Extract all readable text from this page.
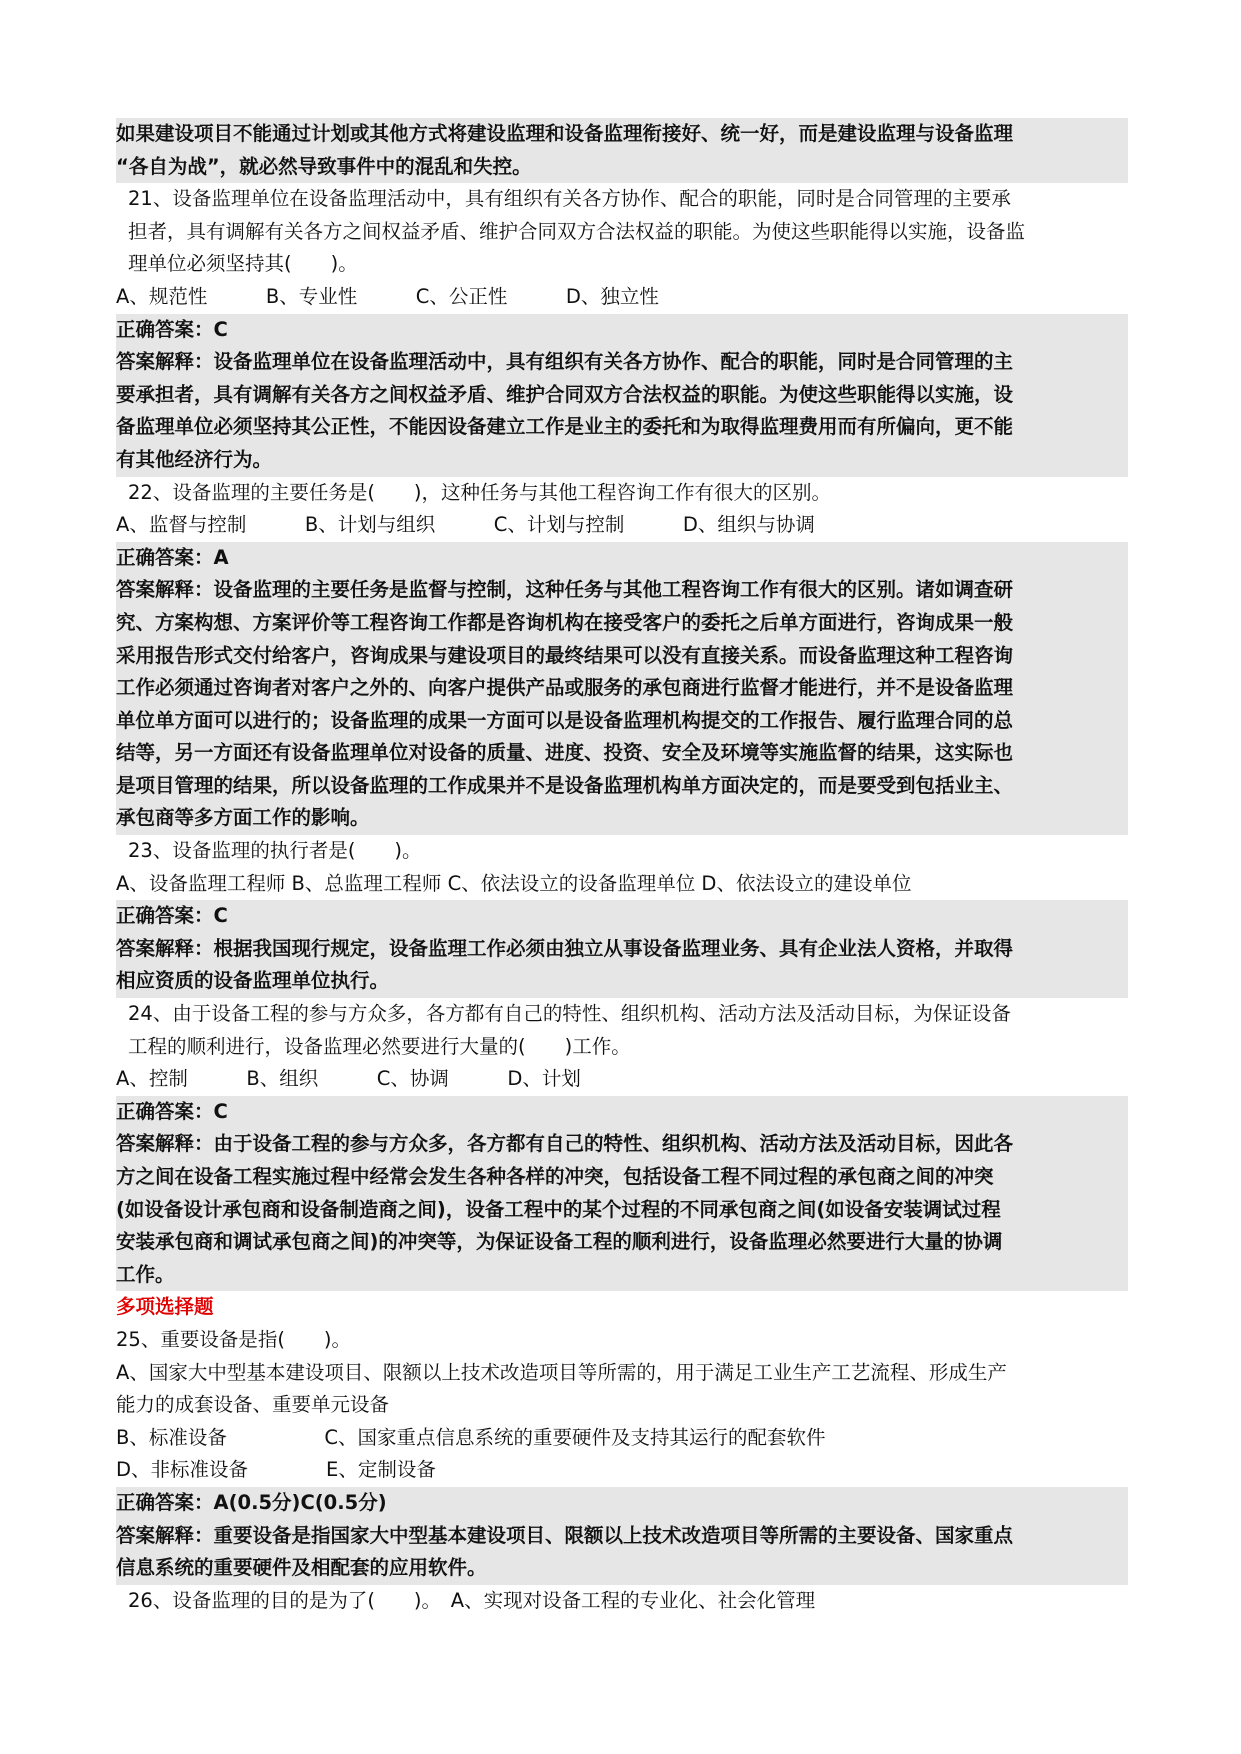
如果建设项目不能通过计划或其他方式将建设监理和设备监理衔接好、统一好，而是建设监理与设备监理
“各自为战”，就必然导致事件中的混乱和失控。
21、设备监理单位在设备监理活动中，具有组织有关各方协作、配合的职能，同时是合同管理的主要承
担者，具有调解有关各方之间权益矛盾、维护合同双方合法权益的职能。为使这些职能得以实施，设备监
理单位必须坚持其(　　)。
A、规范性　　　B、专业性　　　C、公正性　　　D、独立性
正确答案：C
答案解释：设备监理单位在设备监理活动中，具有组织有关各方协作、配合的职能，同时是合同管理的主
要承担者，具有调解有关各方之间权益矛盾、维护合同双方合法权益的职能。为使这些职能得以实施，设
备监理单位必须坚持其公正性，不能因设备建立工作是业主的委托和为取得监理费用而有所偏向，更不能
有其他经济行为。
22、设备监理的主要任务是(　　)，这种任务与其他工程咨询工作有很大的区别。
A、监督与控制　　　B、计划与组织　　　C、计划与控制　　　D、组织与协调
正确答案：A
答案解释：设备监理的主要任务是监督与控制，这种任务与其他工程咨询工作有很大的区别。诸如调查研
究、方案构想、方案评价等工程咨询工作都是咨询机构在接受客户的委托之后单方面进行，咨询成果一般
采用报告形式交付给客户，咨询成果与建设项目的最终结果可以没有直接关系。而设备监理这种工程咨询
工作必须通过咨询者对客户之外的、向客户提供产品或服务的承包商进行监督才能进行，并不是设备监理
单位单方面可以进行的；设备监理的成果一方面可以是设备监理机构提交的工作报告、履行监理合同的总
结等，另一方面还有设备监理单位对设备的质量、进度、投资、安全及环境等实施监督的结果，这实际也
是项目管理的结果，所以设备监理的工作成果并不是设备监理机构单方面决定的，而是要受到包括业主、
承包商等多方面工作的影响。
23、设备监理的执行者是(　　)。
A、设备监理工程师 B、总监理工程师 C、依法设立的设备监理单位 D、依法设立的建设单位
正确答案：C
答案解释：根据我国现行规定，设备监理工作必须由独立从事设备监理业务、具有企业法人资格，并取得
相应资质的设备监理单位执行。
24、由于设备工程的参与方众多，各方都有自己的特性、组织机构、活动方法及活动目标，为保证设备
工程的顺利进行，设备监理必然要进行大量的(　　)工作。
A、控制　　　B、组织　　　C、协调　　　D、计划
正确答案：C
答案解释：由于设备工程的参与方众多，各方都有自己的特性、组织机构、活动方法及活动目标，因此各
方之间在设备工程实施过程中经常会发生各种各样的冲突，包括设备工程不同过程的承包商之间的冲突
(如设备设计承包商和设备制造商之间)，设备工程中的某个过程的不同承包商之间(如设备安装调试过程
安装承包商和调试承包商之间)的冲突等，为保证设备工程的顺利进行，设备监理必然要进行大量的协调
工作。
多项选择题
25、重要设备是指(　　)。
A、国家大中型基本建设项目、限额以上技术改造项目等所需的，用于满足工业生产工艺流程、形成生产
能力的成套设备、重要单元设备
B、标准设备　　　　　C、国家重点信息系统的重要硬件及支持其运行的配套软件
D、非标准设备　　　　E、定制设备
正确答案：A(0.5分)C(0.5分)
答案解释：重要设备是指国家大中型基本建设项目、限额以上技术改造项目等所需的主要设备、国家重点
信息系统的重要硬件及相配套的应用软件。
26、设备监理的目的是为了(　　)。　A、实现对设备工程的专业化、社会化管理
